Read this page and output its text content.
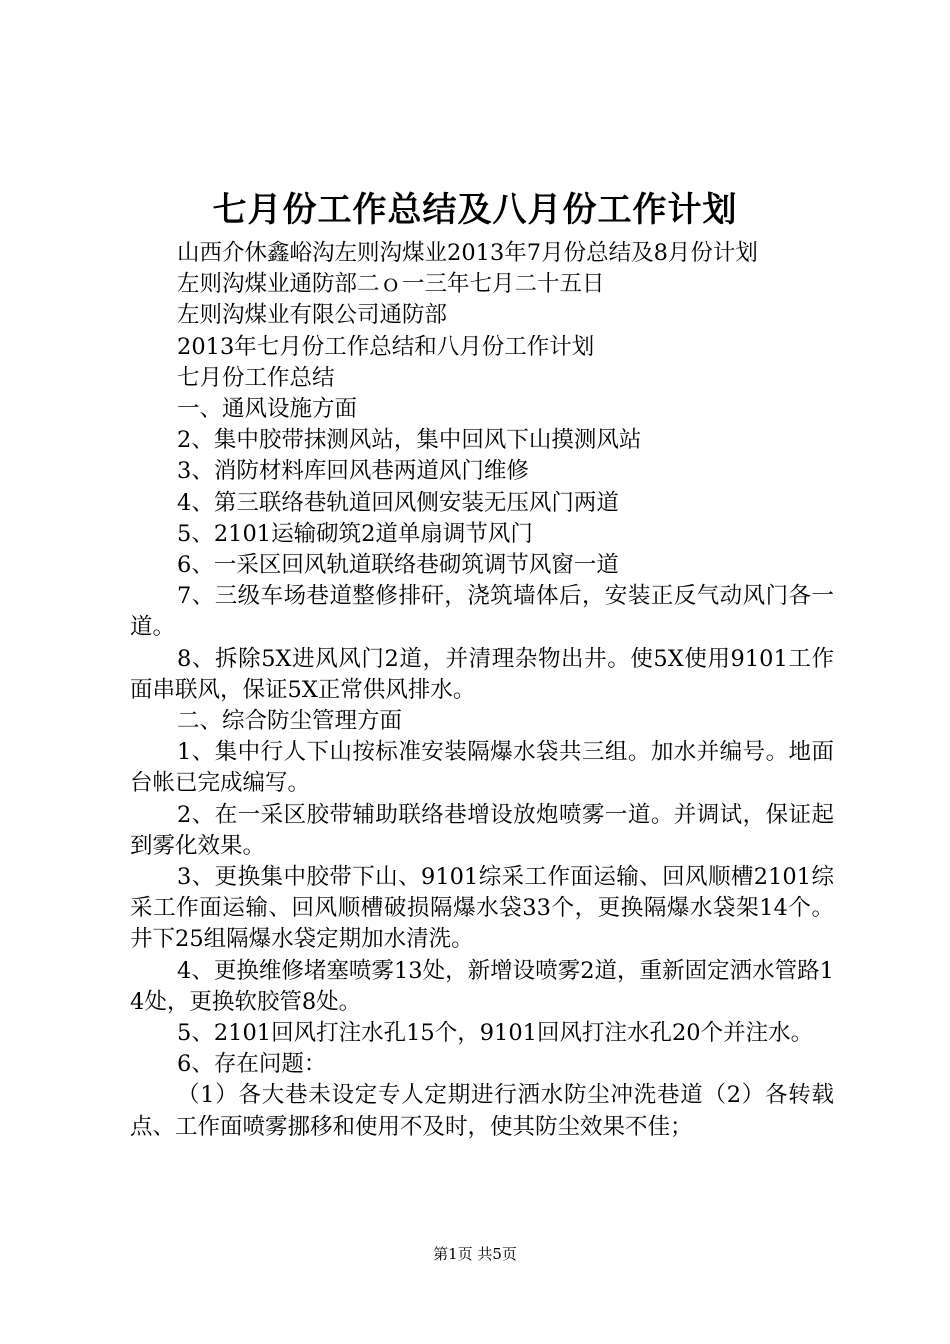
七月份工作总结及八月份工作计划

山西介休鑫峪沟左则沟煤业2013年7月份总结及8月份计划

左则沟煤业通防部二ｏ一三年七月二十五日

左则沟煤业有限公司通防部

2013年七月份工作总结和八月份工作计划

七月份工作总结

一、通风设施方面

2、集中胶带抹测风站，集中回风下山摸测风站

3、消防材料库回风巷两道风门维修

4、第三联络巷轨道回风侧安装无压风门两道

5、2101运输砌筑2道单扇调节风门

6、一采区回风轨道联络巷砌筑调节风窗一道

7、三级车场巷道整修排矸，浇筑墙体后，安装正反气动风门各一道。

8、拆除5X进风风门2道，并清理杂物出井。使5X使用9101工作面串联风，保证5X正常供风排水。

二、综合防尘管理方面

1、集中行人下山按标准安装隔爆水袋共三组。加水并编号。地面台帐已完成编写。

2、在一采区胶带辅助联络巷增设放炮喷雾一道。并调试，保证起到雾化效果。

3、更换集中胶带下山、9101综采工作面运输、回风顺槽2101综采工作面运输、回风顺槽破损隔爆水袋33个，更换隔爆水袋架14个。井下25组隔爆水袋定期加水清洗。

4、更换维修堵塞喷雾13处，新增设喷雾2道，重新固定洒水管路14处，更换软胶管8处。

5、2101回风打注水孔15个，9101回风打注水孔20个并注水。

6、存在问题：

（1）各大巷未设定专人定期进行洒水防尘冲洗巷道（2）各转载点、工作面喷雾挪移和使用不及时，使其防尘效果不佳；

第1页 共5页
